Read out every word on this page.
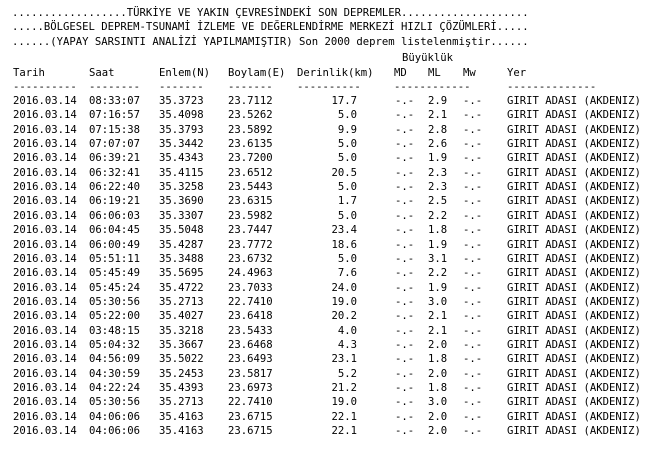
..................TÜRKİYE VE YAKIN ÇEVRESİNDEKİ SON DEPREMLER....................
.....BÖLGESEL DEPREM-TSUNAMİ İZLEME VE DEĞERLENDİRME MERKEZİ HIZLI ÇÖZÜMLERİ.....
......(YAPAY SARSINTI ANALİZİ YAPILMAMIŞTIR) Son 2000 deprem listelenmiştir......
Büyüklük
Tarih	Saat	Enlem(N) Boylam(E) Derinlik(km) MD ML Mw	Yer
---------- -------- ------- ------- ----------	------------	--------------
2016.03.14 08:33:07 35.3723 23.7112	17.7	-.- 2.9 -.- GIRIT ADASI (AKDENIZ)
2016.03.14 07:16:57 35.4098 23.5262	5.0	-.- 2.1 -.- GIRIT ADASI (AKDENIZ)
2016.03.14 07:15:38 35.3793 23.5892	9.9	-.- 2.8 -.- GIRIT ADASI (AKDENIZ)
2016.03.14 07:07:07 35.3442 23.6135	5.0	-.- 2.6 -.- GIRIT ADASI (AKDENIZ)
2016.03.14 06:39:21 35.4343 23.7200	5.0	-.- 1.9 -.- GIRIT ADASI (AKDENIZ)
2016.03.14 06:32:41 35.4115 23.6512	20.5	-.- 2.3 -.- GIRIT ADASI (AKDENIZ)
2016.03.14 06:22:40 35.3258 23.5443	5.0	-.- 2.3 -.- GIRIT ADASI (AKDENIZ)
2016.03.14 06:19:21 35.3690 23.6315	1.7	-.- 2.5 -.- GIRIT ADASI (AKDENIZ)
2016.03.14 06:06:03 35.3307 23.5982	5.0	-.- 2.2 -.- GIRIT ADASI (AKDENIZ)
2016.03.14 06:04:45 35.5048 23.7447	23.4	-.- 1.8 -.- GIRIT ADASI (AKDENIZ)
2016.03.14 06:00:49 35.4287 23.7772	18.6	-.- 1.9 -.- GIRIT ADASI (AKDENIZ)
2016.03.14 05:51:11 35.3488 23.6732	5.0	-.- 3.1 -.- GIRIT ADASI (AKDENIZ)
2016.03.14 05:45:49 35.5695 24.4963	7.6	-.- 2.2 -.- GIRIT ADASI (AKDENIZ)
2016.03.14 05:45:24 35.4722 23.7033	24.0	-.- 1.9 -.- GIRIT ADASI (AKDENIZ)
2016.03.14 05:30:56 35.2713 22.7410	19.0	-.- 3.0 -.- GIRIT ADASI (AKDENIZ)
2016.03.14 05:22:00 35.4027 23.6418	20.2	-.- 2.1 -.- GIRIT ADASI (AKDENIZ)
2016.03.14 03:48:15 35.3218 23.5433	4.0	-.- 2.1 -.- GIRIT ADASI (AKDENIZ)
2016.03.14 05:04:32 35.3667 23.6468	4.3	-.- 2.0 -.- GIRIT ADASI (AKDENIZ)
2016.03.14 04:56:09 35.5022 23.6493	23.1	-.- 1.8 -.- GIRIT ADASI (AKDENIZ)
2016.03.14 04:30:59 35.2453 23.5817	5.2	-.- 2.0 -.- GIRIT ADASI (AKDENIZ)
2016.03.14 04:22:24 35.4393 23.6973	21.2	-.- 1.8 -.- GIRIT ADASI (AKDENIZ)
2016.03.14 05:30:56 35.2713 22.7410	19.0	-.- 3.0 -.- GIRIT ADASI (AKDENIZ)
2016.03.14 04:06:06 35.4163 23.6715	22.1	-.- 2.0 -.- GIRIT ADASI (AKDENIZ)
2016.03.14 04:06:06 35.4163 23.6715	22.1	-.- 2.0 -.- GIRIT ADASI (AKDENIZ)
